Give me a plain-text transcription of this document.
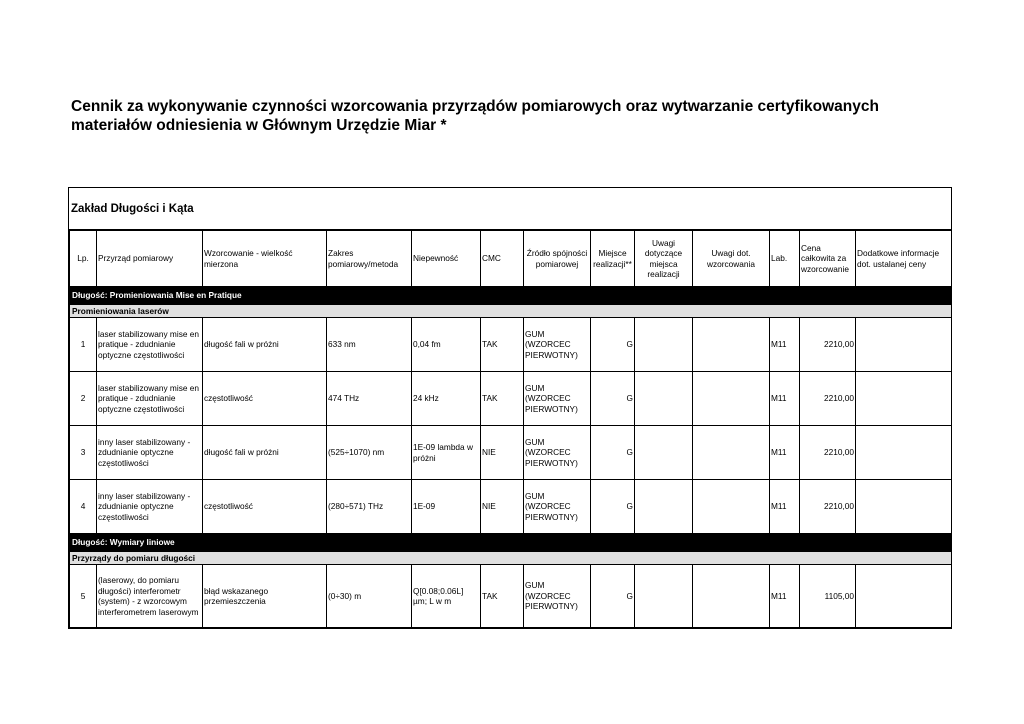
Cennik za wykonywanie czynności wzorcowania przyrządów pomiarowych oraz wytwarzanie certyfikowanych materiałów odniesienia w Głównym Urzędzie Miar *
Zakład Długości i Kąta
Lp.	Przyrząd pomiarowy	Wzorcowanie - wielkość mierzona	Zakres pomiarowy/metoda	Niepewność	CMC	Źródło spójności pomiarowej	Miejsce realizacji**	Uwagi dotyczące miejsca realizacji	Uwagi dot. wzorcowania	Lab.	Cena całkowita za wzorcowanie	Dodatkowe informacje dot. ustalanej ceny
Długość: Promieniowania Mise en Pratique												
Promieniowania laserów												
1	laser stabilizowany mise en pratique - zdudnianie optyczne częstotliwości	długość fali w próżni	633 nm	0,04 fm	TAK	GUM (WZORCEC PIERWOTNY)	G			M11	2210,00	
2	laser stabilizowany mise en pratique - zdudnianie optyczne częstotliwości	częstotliwość	474 THz	24 kHz	TAK	GUM (WZORCEC PIERWOTNY)	G			M11	2210,00	
3	inny laser stabilizowany - zdudnianie optyczne częstotliwości	długość fali w próżni	(525÷1070) nm	1E-09 lambda w próżni	NIE	GUM (WZORCEC PIERWOTNY)	G			M11	2210,00	
4	inny laser stabilizowany - zdudnianie optyczne częstotliwości	częstotliwość	(280÷571) THz	1E-09	NIE	GUM (WZORCEC PIERWOTNY)	G			M11	2210,00	
Długość: Wymiary liniowe												
Przyrządy do pomiaru długości												
5	(laserowy, do pomiaru długości) interferometr (system) - z wzorcowym interferometrem laserowym	błąd wskazanego przemieszczenia	(0÷30) m	Q[0.08;0.06L] µm; L w m	TAK	GUM (WZORCEC PIERWOTNY)	G			M11	1105,00	
